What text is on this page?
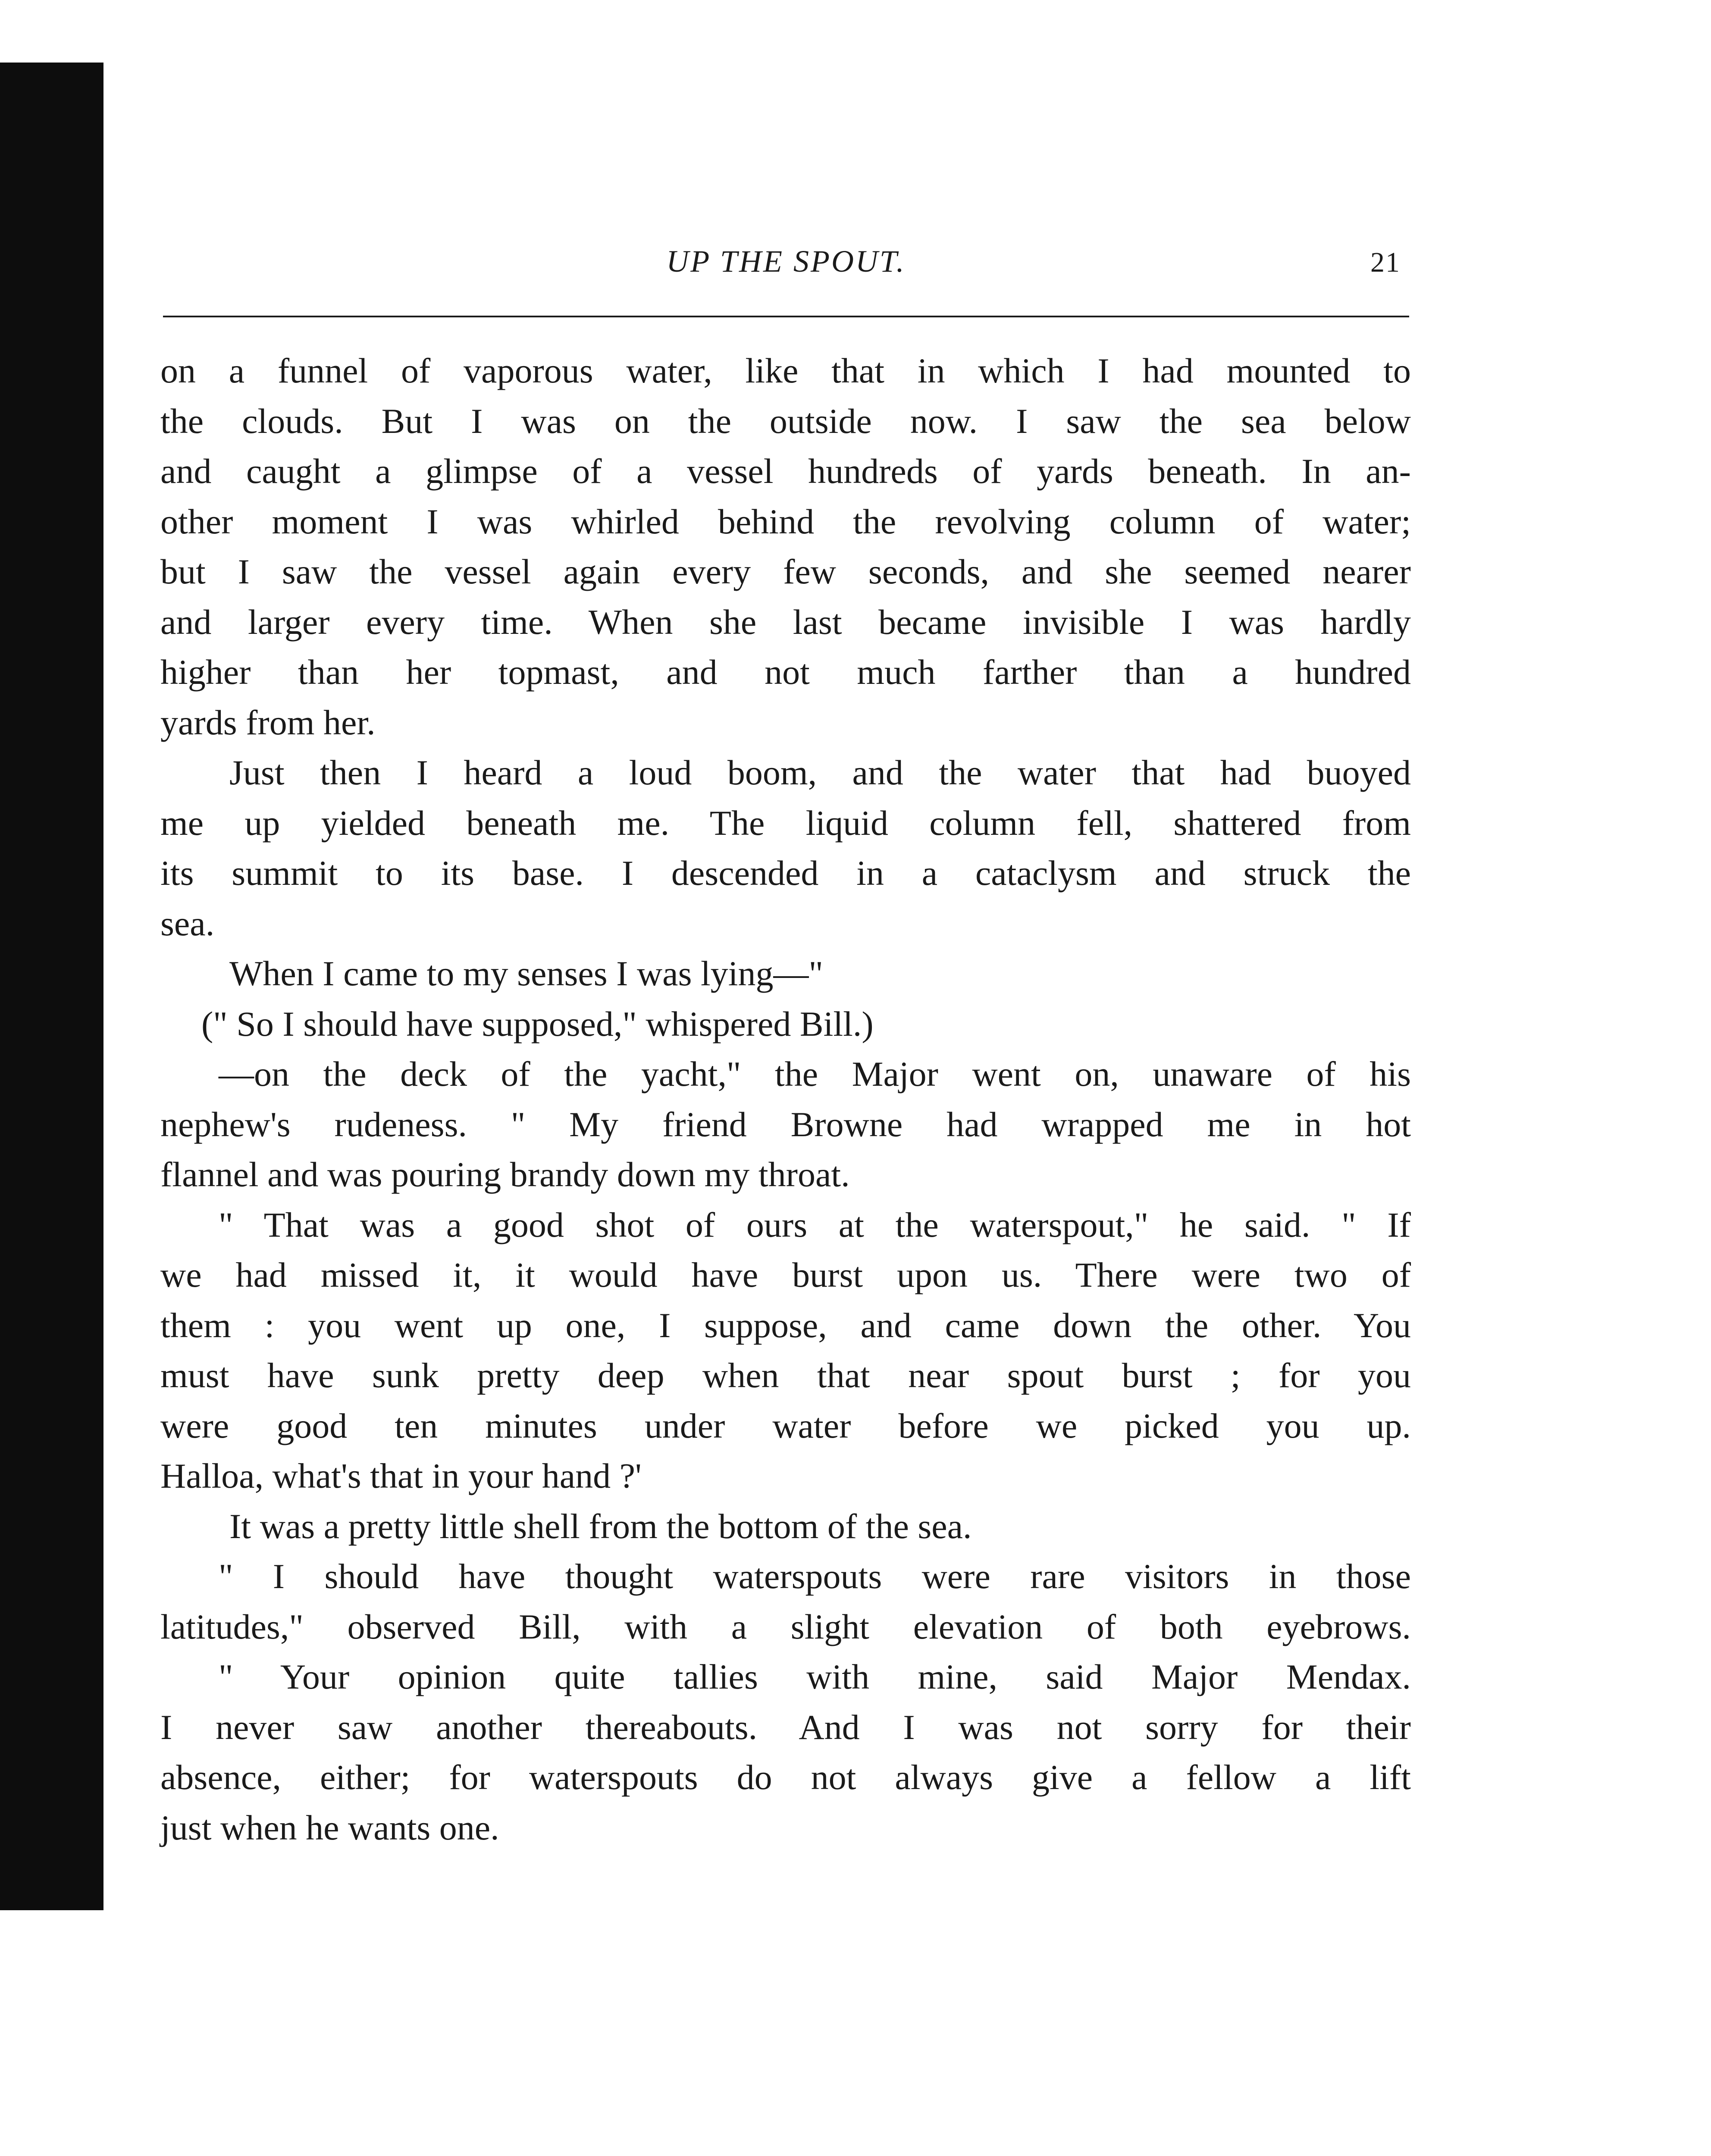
UP THE SPOUT.	21
on a funnel of vaporous water, like that in which I had mounted to
the clouds. But I was on the outside now. I saw the sea below
and caught a glimpse of a vessel hundreds of yards beneath. In an-
other moment I was whirled behind the revolving column of water;
but I saw the vessel again every few seconds, and she seemed nearer
and larger every time. When she last became invisible I was hardly
higher than her topmast, and not much farther than a hundred
yards from her.
Just then I heard a loud boom, and the water that had buoyed
me up yielded beneath me. The liquid column fell, shattered from
its summit to its base. I descended in a cataclysm and struck the
sea.
When I came to my senses I was lying—"
(" So I should have supposed," whispered Bill.)
—on the deck of the yacht," the Major went on, unaware of his
nephew's rudeness. " My friend Browne had wrapped me in hot
flannel and was pouring brandy down my throat.
" That was a good shot of ours at the waterspout," he said. " If
we had missed it, it would have burst upon us. There were two of
them : you went up one, I suppose, and came down the other. You
must have sunk pretty deep when that near spout burst ; for you
were good ten minutes under water before we picked you up.
Halloa, what's that in your hand ?'
It was a pretty little shell from the bottom of the sea.
" I should have thought waterspouts were rare visitors in those
latitudes," observed Bill, with a slight elevation of both eyebrows.
" Your opinion quite tallies with mine, said Major Mendax.
I never saw another thereabouts. And I was not sorry for their
absence, either; for waterspouts do not always give a fellow a lift
just when he wants one.
